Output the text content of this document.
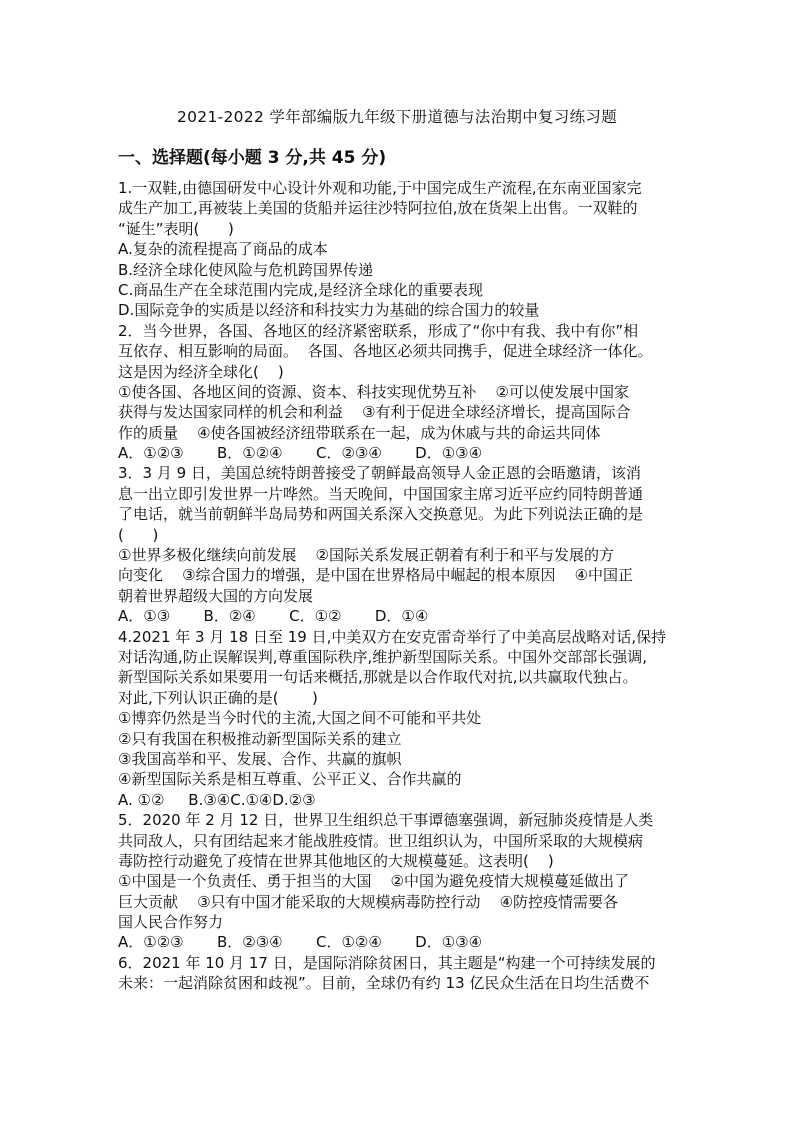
2021-2022 学年部编版九年级下册道德与法治期中复习练习题
一、选择题(每小题 3 分,共 45 分)
1.一双鞋,由德国研发中心设计外观和功能,于中国完成生产流程,在东南亚国家完
成生产加工,再被装上美国的货船并运往沙特阿拉伯,放在货架上出售。一双鞋的
“诞生”表明(      )
A.复杂的流程提高了商品的成本
B.经济全球化使风险与危机跨国界传递
C.商品生产在全球范围内完成,是经济全球化的重要表现
D.国际竞争的实质是以经济和科技实力为基础的综合国力的较量
2．当今世界，各国、各地区的经济紧密联系，形成了“你中有我、我中有你”相
互依存、相互影响的局面。  各国、各地区必须共同携手，促进全球经济一体化。
这是因为经济全球化(    )
①使各国、各地区间的资源、资本、科技实现优势互补    ②可以使发展中国家
获得与发达国家同样的机会和利益    ③有利于促进全球经济增长，提高国际合
作的质量    ④使各国被经济纽带联系在一起，成为休戚与共的命运共同体
A．①②③       B．①②④       C．②③④       D．①③④
3．3 月 9 日，美国总统特朗普接受了朝鲜最高领导人金正恩的会晤邀请，该消
息一出立即引发世界一片哗然。当天晚间，中国国家主席习近平应约同特朗普通
了电话，就当前朝鲜半岛局势和两国关系深入交换意见。为此下列说法正确的是
(      )
①世界多极化继续向前发展    ②国际关系发展正朝着有利于和平与发展的方
向变化    ③综合国力的增强，是中国在世界格局中崛起的根本原因    ④中国正
朝着世界超级大国的方向发展
A．①③       B．②④       C．①②       D．①④
4.2021 年 3 月 18 日至 19 日,中美双方在安克雷奇举行了中美高层战略对话,保持
对话沟通,防止误解误判,尊重国际秩序,维护新型国际关系。中国外交部部长强调,
新型国际关系如果要用一句话来概括,那就是以合作取代对抗,以共赢取代独占。
对此,下列认识正确的是(       )
①博弈仍然是当今时代的主流,大国之间不可能和平共处
②只有我国在积极推动新型国际关系的建立
③我国高举和平、发展、合作、共赢的旗帜
④新型国际关系是相互尊重、公平正义、合作共赢的
A. ①②     B.③④C.①④D.②③
5．2020 年 2 月 12 日，世界卫生组织总干事谭德塞强调，新冠肺炎疫情是人类
共同敌人，只有团结起来才能战胜疫情。世卫组织认为，中国所采取的大规模病
毒防控行动避免了疫情在世界其他地区的大规模蔓延。这表明(    )
①中国是一个负责任、勇于担当的大国    ②中国为避免疫情大规模蔓延做出了
巨大贡献    ③只有中国才能采取的大规模病毒防控行动    ④防控疫情需要各
国人民合作努力
A．①②③       B．②③④       C．①②④       D．①③④
6．2021 年 10 月 17 日，是国际消除贫困日，其主题是“构建一个可持续发展的
未来：一起消除贫困和歧视”。目前，全球仍有约 13 亿民众生活在日均生活费不
